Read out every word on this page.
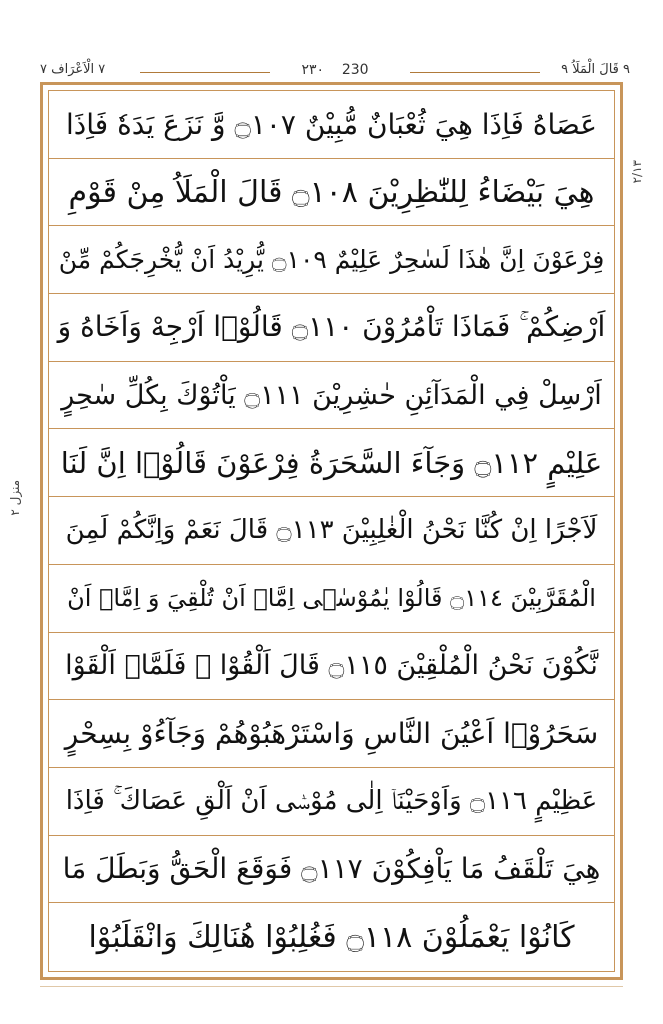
٩ قَالَ الْمَلَاُ ٩
٢٣٠ 230
٧ الْاَعْرَاف ٧
٢/١٣
منزل ٢
عَصَاهُ فَاِذَا هِيَ ثُعْبَانٌ مُّبِيْنٌ ۝١٠٧ وَّ نَزَعَ يَدَهٗ فَاِذَا
هِيَ بَيْضَاءُ لِلنّٰظِرِيْنَ ۝١٠٨ قَالَ الْمَلَاُ مِنْ قَوْمِ
فِرْعَوْنَ اِنَّ هٰذَا لَسٰحِرٌ عَلِيْمٌ ۝١٠٩ يُّرِيْدُ اَنْ يُّخْرِجَكُمْ مِّنْ
اَرْضِكُمْ ۚ فَمَاذَا تَاْمُرُوْنَ ۝١١٠ قَالُوْۤا اَرْجِهْ وَاَخَاهُ وَ
اَرْسِلْ فِي الْمَدَآئِنِ حٰشِرِيْنَ ۝١١١ يَاْتُوْكَ بِكُلِّ سٰحِرٍ
عَلِيْمٍ ۝١١٢ وَجَآءَ السَّحَرَةُ فِرْعَوْنَ قَالُوْۤا اِنَّ لَنَا
لَاَجْرًا اِنْ كُنَّا نَحْنُ الْغٰلِبِيْنَ ۝١١٣ قَالَ نَعَمْ وَاِنَّكُمْ لَمِنَ
الْمُقَرَّبِيْنَ ۝١١٤ قَالُوْا يٰمُوْسٰۤى اِمَّاۤ اَنْ تُلْقِيَ وَ اِمَّاۤ اَنْ
نَّكُوْنَ نَحْنُ الْمُلْقِيْنَ ۝١١٥ قَالَ اَلْقُوْا ۚ فَلَمَّاۤ اَلْقَوْا
سَحَرُوْۤا اَعْيُنَ النَّاسِ وَاسْتَرْهَبُوْهُمْ وَجَآءُوْ بِسِحْرٍ
عَظِيْمٍ ۝١١٦ وَاَوْحَيْنَاۤ اِلٰى مُوْسٰۤى اَنْ اَلْقِ عَصَاكَ ۚ فَاِذَا
هِيَ تَلْقَفُ مَا يَاْفِكُوْنَ ۝١١٧ فَوَقَعَ الْحَقُّ وَبَطَلَ مَا
كَانُوْا يَعْمَلُوْنَ ۝١١٨ فَغُلِبُوْا هُنَالِكَ وَانْقَلَبُوْا
